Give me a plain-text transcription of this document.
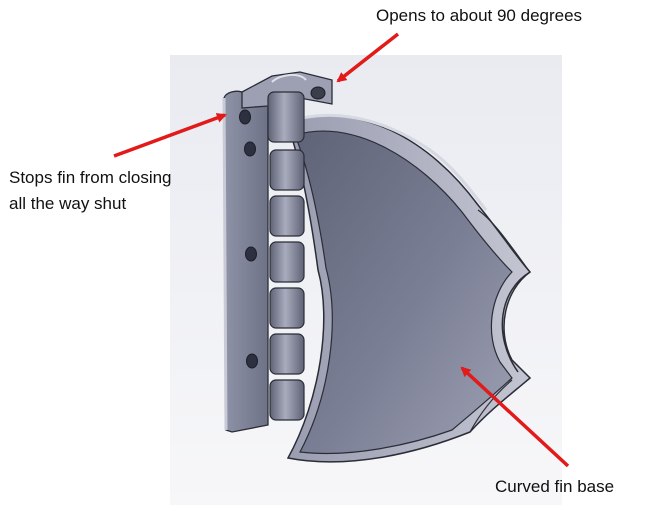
Opens to about 90 degrees
Stops fin from closing all the way shut
Curved fin base
